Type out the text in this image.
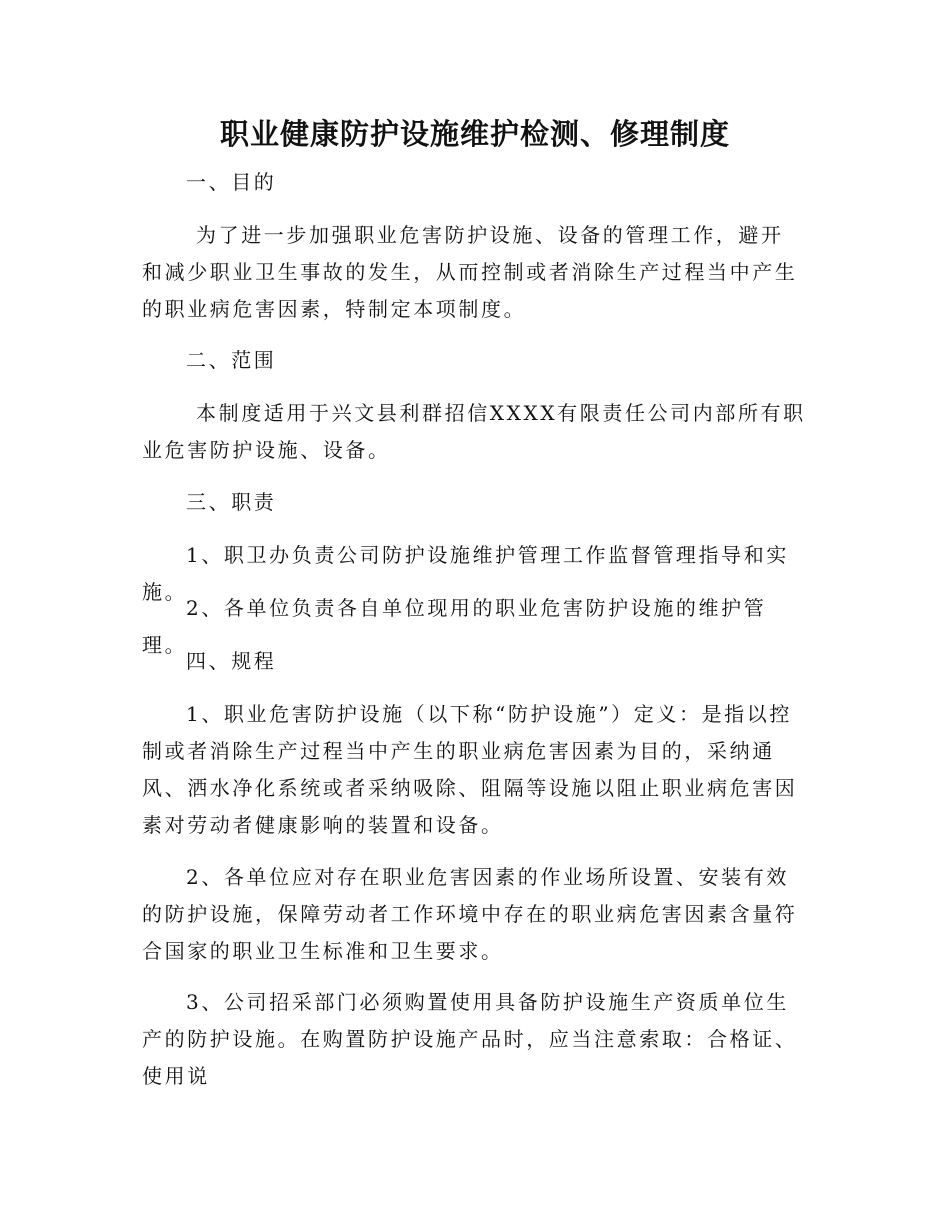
职业健康防护设施维护检测、修理制度

一、目的

为了进一步加强职业危害防护设施、设备的管理工作，避开和减少职业卫生事故的发生，从而控制或者消除生产过程当中产生的职业病危害因素，特制定本项制度。

二、范围

本制度适用于兴文县利群招信XXXX有限责任公司内部所有职业危害防护设施、设备。

三、职责

1、职卫办负责公司防护设施维护管理工作监督管理指导和实施。

2、各单位负责各自单位现用的职业危害防护设施的维护管理。

四、规程

1、职业危害防护设施（以下称“防护设施”）定义：是指以控制或者消除生产过程当中产生的职业病危害因素为目的，采纳通风、洒水净化系统或者采纳吸除、阻隔等设施以阻止职业病危害因素对劳动者健康影响的装置和设备。

2、各单位应对存在职业危害因素的作业场所设置、安装有效的防护设施，保障劳动者工作环境中存在的职业病危害因素含量符合国家的职业卫生标准和卫生要求。

3、公司招采部门必须购置使用具备防护设施生产资质单位生产的防护设施。在购置防护设施产品时，应当注意索取：合格证、使用说
